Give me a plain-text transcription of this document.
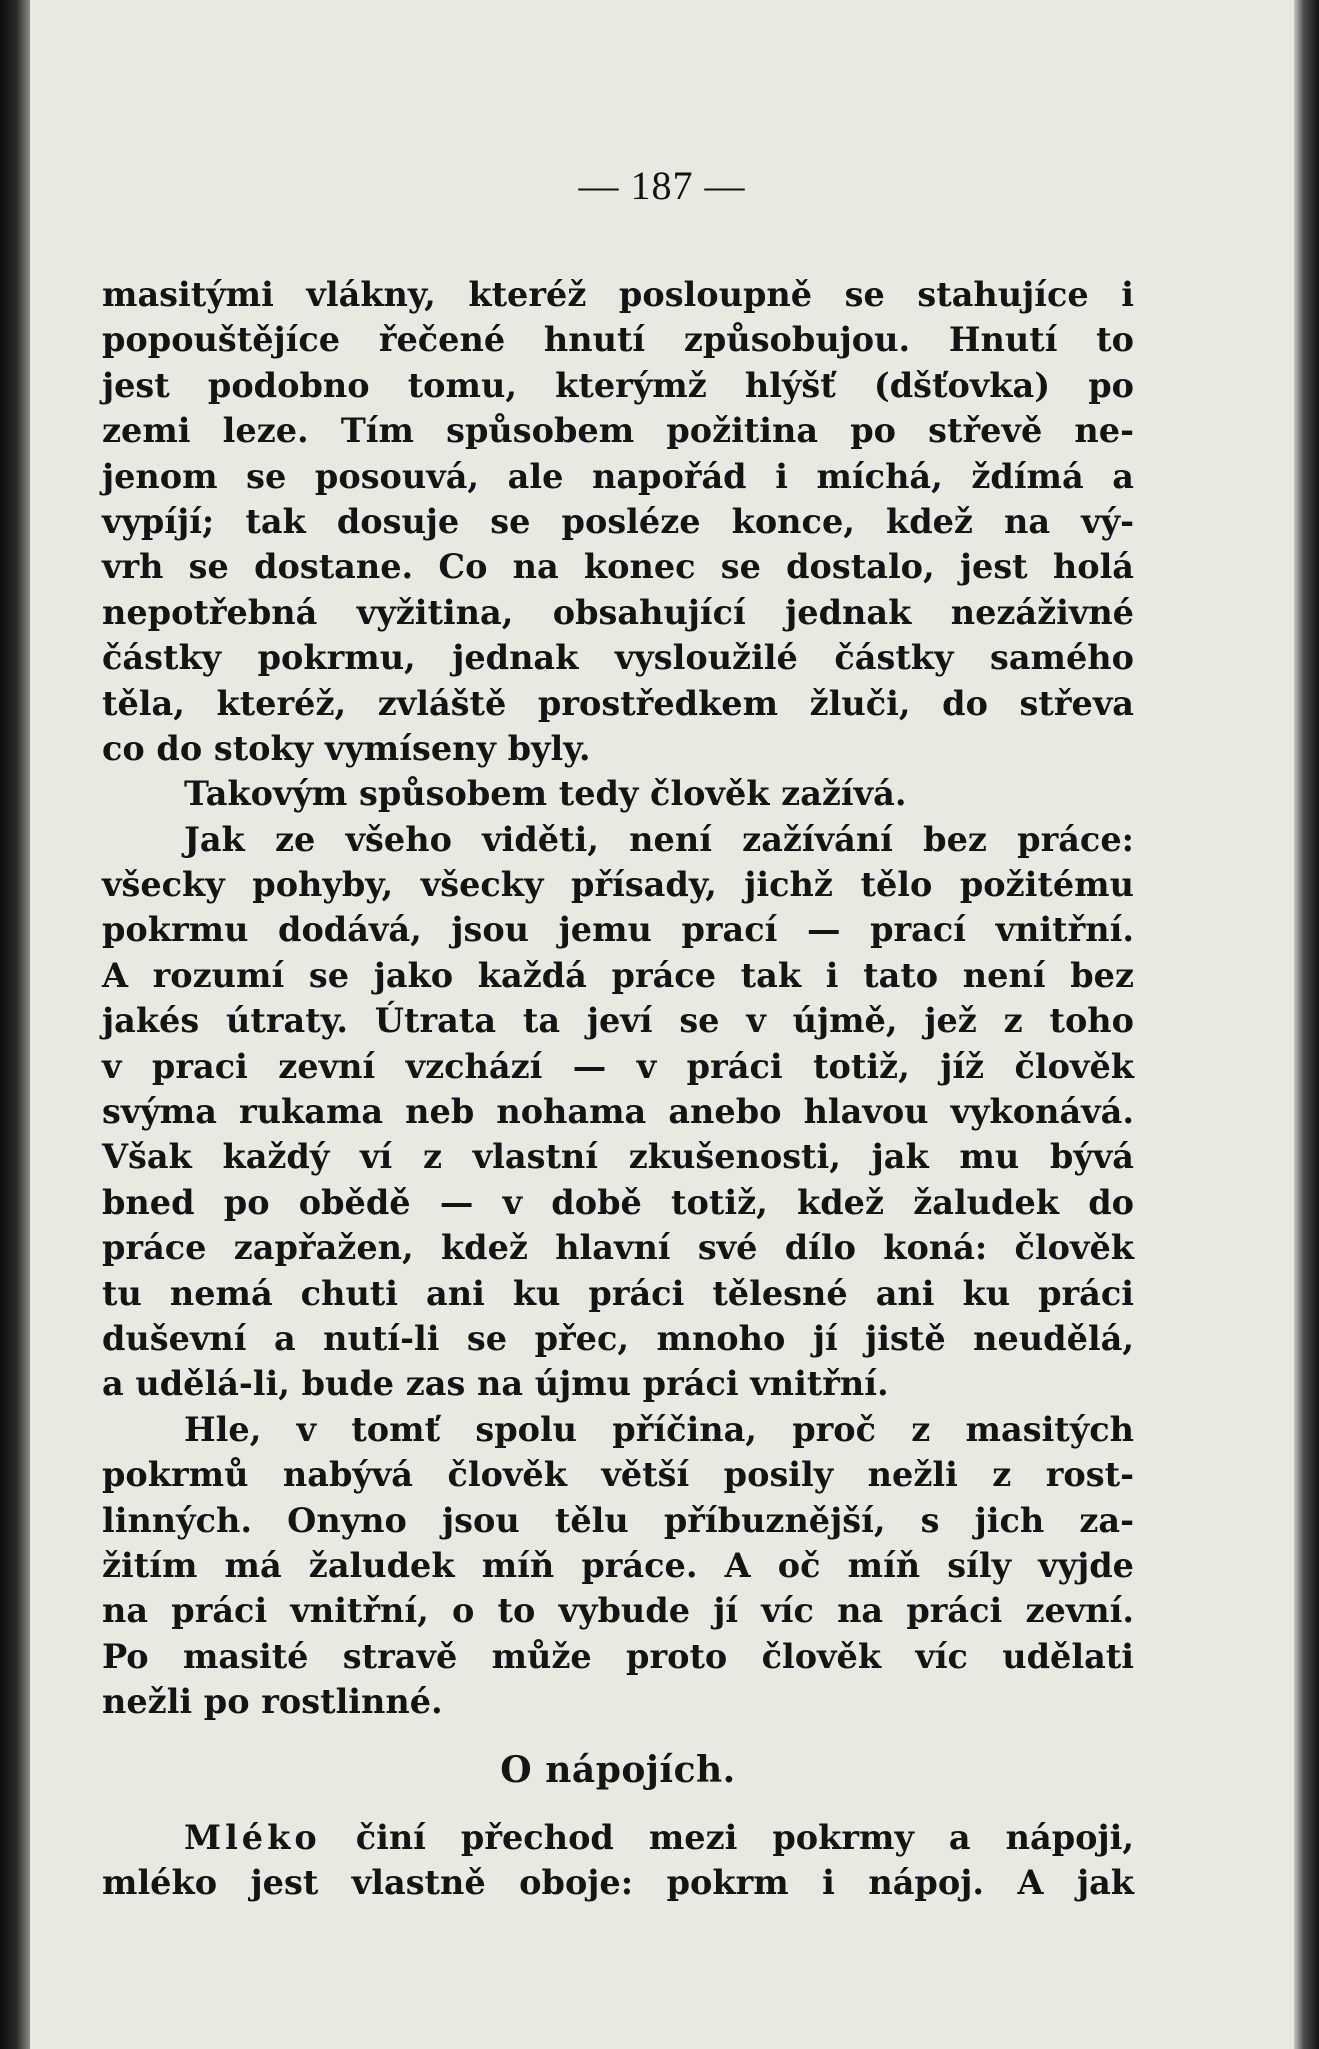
— 187 —
masitými vlákny, kteréž posloupně se stahujíce i
popouštějíce řečené hnutí způsobujou. Hnutí to
jest podobno tomu, kterýmž hlýšť (dšťovka) po
zemi leze. Tím spůsobem požitina po střevě ne-
jenom se posouvá, ale napořád i míchá, ždímá a
vypíjí; tak dosuje se posléze konce, kdež na vý-
vrh se dostane. Co na konec se dostalo, jest holá
nepotřebná vyžitina, obsahující jednak nezáživné
částky pokrmu, jednak vysloužilé částky samého
těla, kteréž, zvláště prostředkem žluči, do střeva
co do stoky vymíseny byly.
Takovým spůsobem tedy člověk zažívá.
Jak ze všeho viděti, není zažívání bez práce:
všecky pohyby, všecky přísady, jichž tělo požitému
pokrmu dodává, jsou jemu prací — prací vnitřní.
A rozumí se jako každá práce tak i tato není bez
jakés útraty. Útrata ta jeví se v újmě, jež z toho
v praci zevní vzchází — v práci totiž, jíž člověk
svýma rukama neb nohama anebo hlavou vykonává.
Však každý ví z vlastní zkušenosti, jak mu bývá
bned po obědě — v době totiž, kdež žaludek do
práce zapřažen, kdež hlavní své dílo koná: člověk
tu nemá chuti ani ku práci tělesné ani ku práci
duševní a nutí-li se přec, mnoho jí jistě neudělá,
a udělá-li, bude zas na újmu práci vnitřní.
Hle, v tomť spolu příčina, proč z masitých
pokrmů nabývá člověk větší posily nežli z rost-
linných. Onyno jsou tělu příbuznější, s jich za-
žitím má žaludek míň práce. A oč míň síly vyjde
na práci vnitřní, o to vybude jí víc na práci zevní.
Po masité stravě může proto člověk víc udělati
nežli po rostlinné.
O nápojích.
Mléko činí přechod mezi pokrmy a nápoji,
mléko jest vlastně oboje: pokrm i nápoj. A jak
